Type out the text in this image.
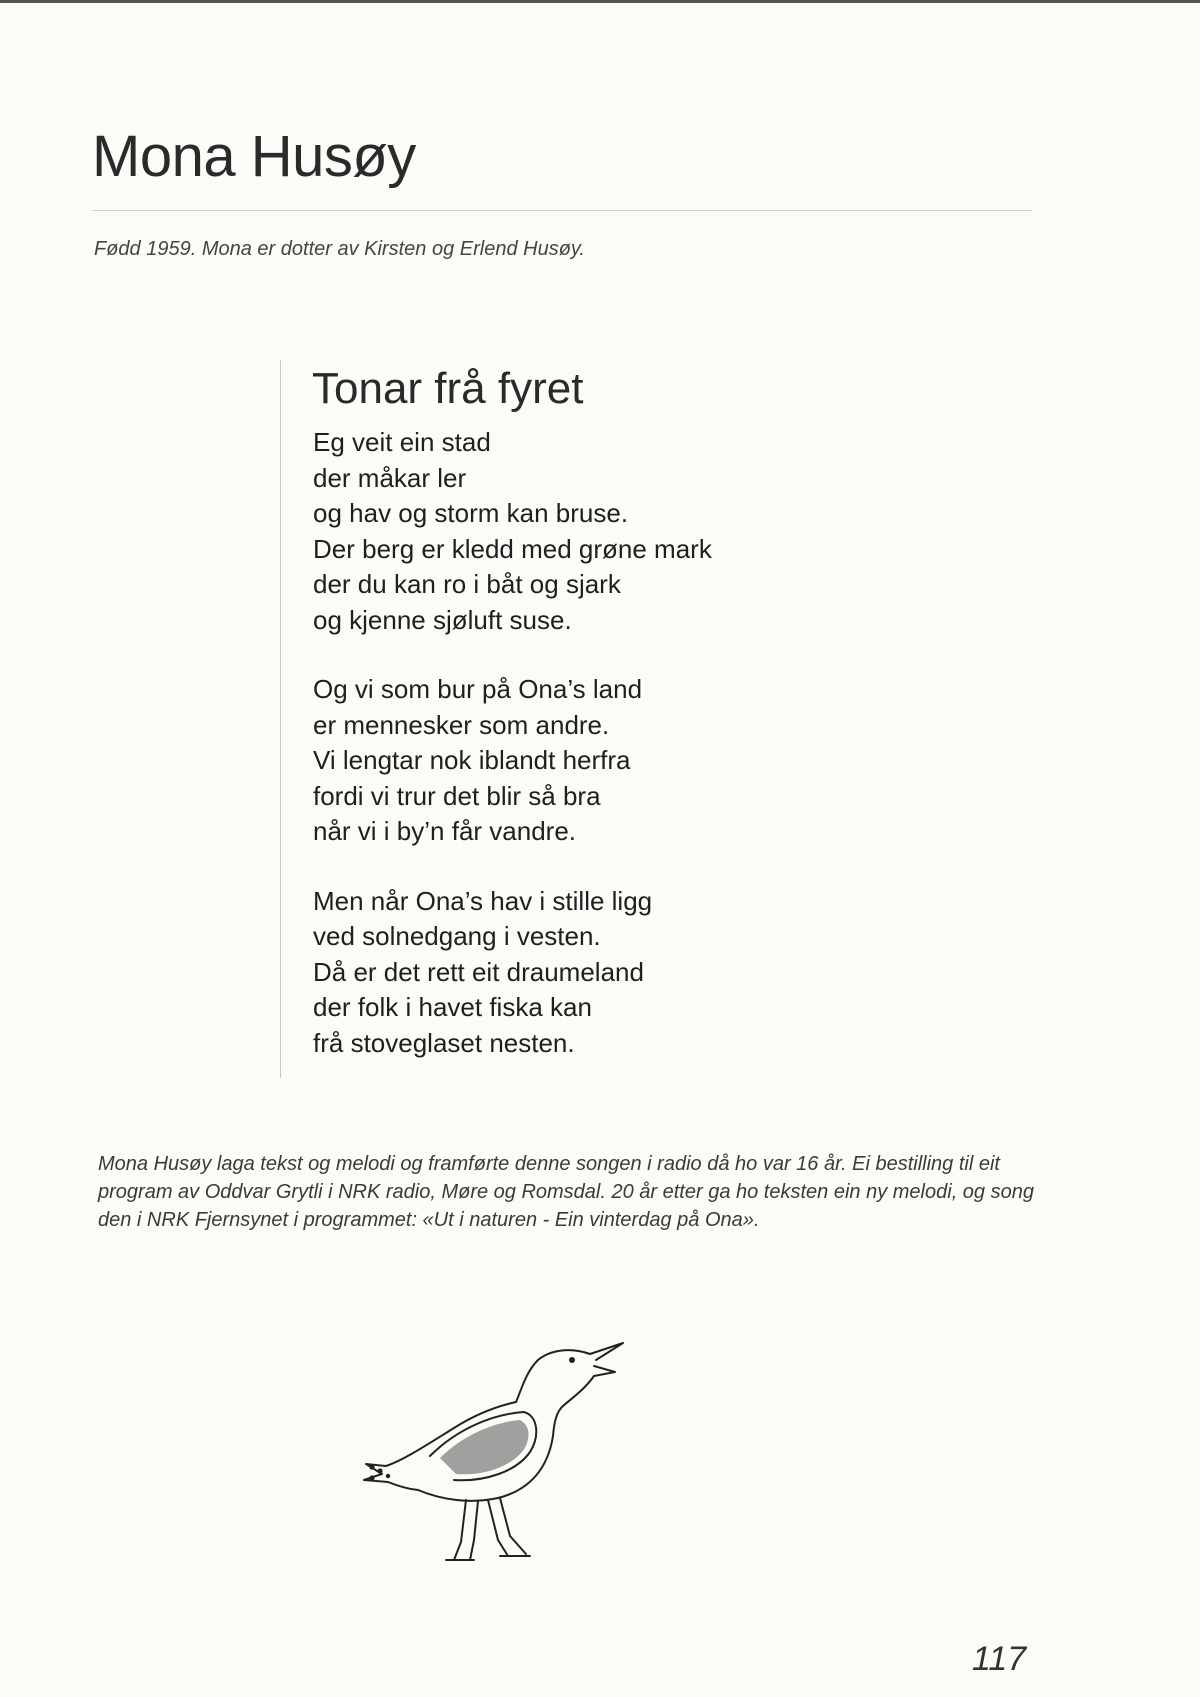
Mona Husøy

Fødd 1959. Mona er dotter av Kirsten og Erlend Husøy.

Tonar frå fyret
Eg veit ein stad
der måkar ler
og hav og storm kan bruse.
Der berg er kledd med grøne mark
der du kan ro i båt og sjark
og kjenne sjøluft suse.
Og vi som bur på Ona’s land
er mennesker som andre.
Vi lengtar nok iblandt herfra
fordi vi trur det blir så bra
når vi i by’n får vandre.
Men når Ona’s hav i stille ligg
ved solnedgang i vesten.
Då er det rett eit draumeland
der folk i havet fiska kan
frå stoveglaset nesten.

Mona Husøy laga tekst og melodi og framførte denne songen i radio då ho var 16 år. Ei bestilling til eit program av Oddvar Grytli i NRK radio, Møre og Romsdal. 20 år etter ga ho teksten ein ny melodi, og song den i NRK Fjernsynet i programmet: «Ut i naturen - Ein vinterdag på Ona».

117
